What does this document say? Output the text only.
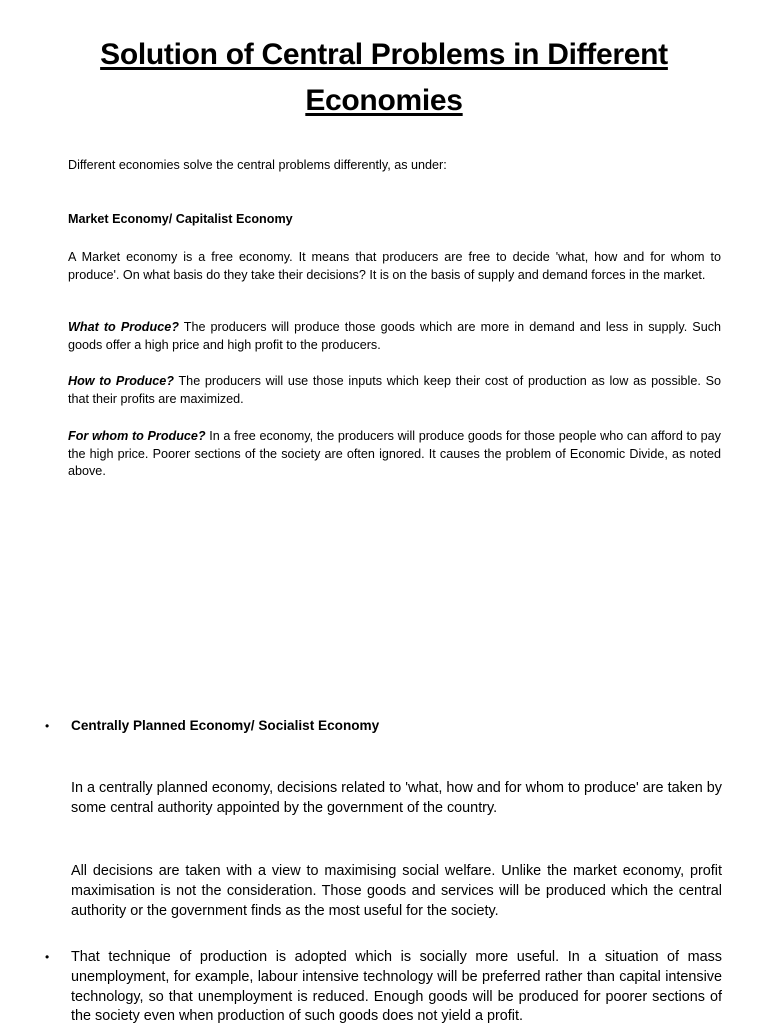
Solution of Central Problems in Different Economies

Different economies solve the central problems differently, as under:

Market Economy/ Capitalist Economy

A Market economy is a free economy. It means that producers are free to decide 'what, how and for whom to produce'. On what basis do they take their decisions? It is on the basis of supply and demand forces in the market.

What to Produce? The producers will produce those goods which are more in demand and less in supply. Such goods offer a high price and high profit to the producers.

How to Produce? The producers will use those inputs which keep their cost of production as low as possible. So that their profits are maximized.

For whom to Produce? In a free economy, the producers will produce goods for those people who can afford to pay the high price. Poorer sections of the society are often ignored. It causes the problem of Economic Divide, as noted above.

• Centrally Planned Economy/ Socialist Economy

In a centrally planned economy, decisions related to 'what, how and for whom to produce' are taken by some central authority appointed by the government of the country.

All decisions are taken with a view to maximising social welfare. Unlike the market economy, profit maximisation is not the consideration. Those goods and services will be produced which the central authority or the government finds as the most useful for the society.

• That technique of production is adopted which is socially more useful. In a situation of mass unemployment, for example, labour intensive technology will be preferred rather than capital intensive technology, so that unemployment is reduced. Enough goods will be produced for poorer sections of the society even when production of such goods does not yield a profit.
